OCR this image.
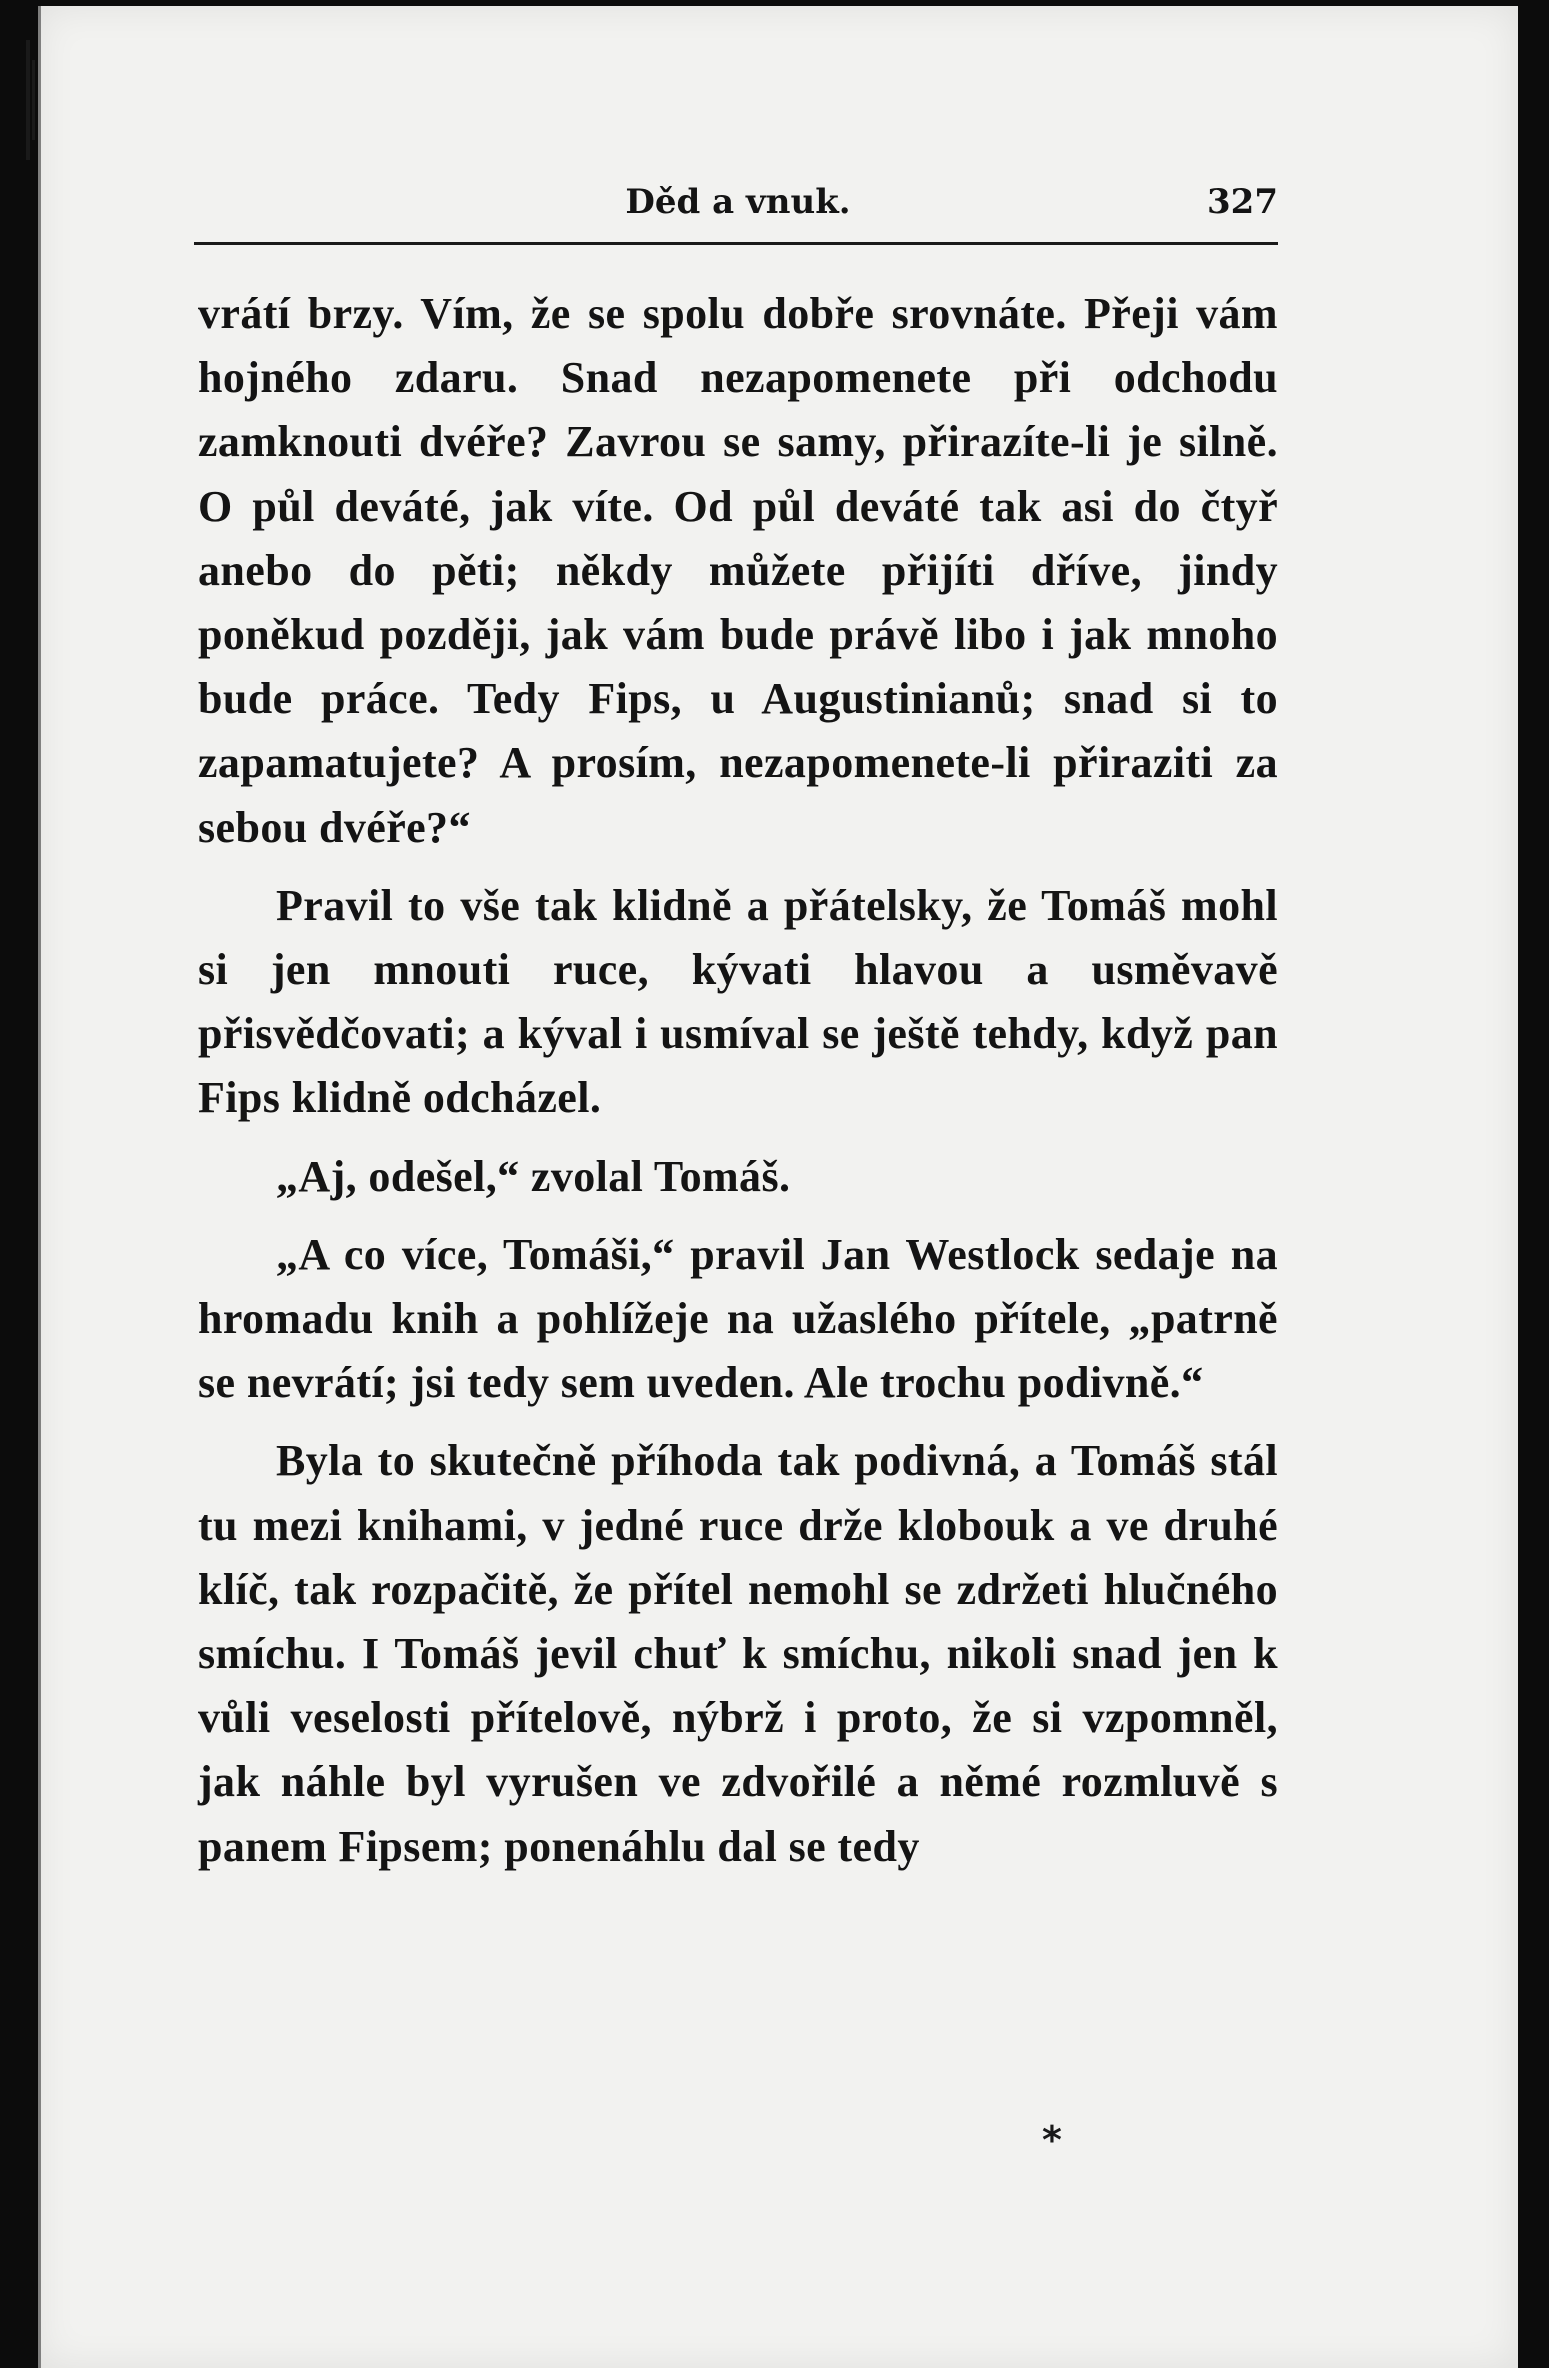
Děd a vnuk.	327

vrátí brzy. Vím, že se spolu dobře srovnáte. Přeji vám hojného zdaru. Snad nezapomenete při odchodu zamknouti dvéře? Zavrou se samy, přirazíte-li je silně. O půl deváté, jak víte. Od půl deváté tak asi do čtyř anebo do pěti; někdy můžete přijíti dříve, jindy poněkud později, jak vám bude právě libo i jak mnoho bude práce. Tedy Fips, u Augustinianů; snad si to zapamatujete? A prosím, nezapomenete-li přiraziti za sebou dvéře?“

Pravil to vše tak klidně a přátelsky, že Tomáš mohl si jen mnouti ruce, kývati hlavou a usměvavě přisvědčovati; a kýval i usmíval se ještě tehdy, když pan Fips klidně odcházel.

„Aj, odešel,“ zvolal Tomáš.

„A co více, Tomáši,“ pravil Jan Westlock sedaje na hromadu knih a pohlížeje na užaslého přítele, „patrně se nevrátí; jsi tedy sem uveden. Ale trochu podivně.“

Byla to skutečně příhoda tak podivná, a Tomáš stál tu mezi knihami, v jedné ruce drže klobouk a ve druhé klíč, tak rozpačitě, že přítel nemohl se zdržeti hlučného smíchu. I Tomáš jevil chuť k smíchu, nikoli snad jen k vůli veselosti přítelově, nýbrž i proto, že si vzpomněl, jak náhle byl vyrušen ve zdvořilé a němé rozmluvě s panem Fipsem; ponenáhlu dal se tedy

*
